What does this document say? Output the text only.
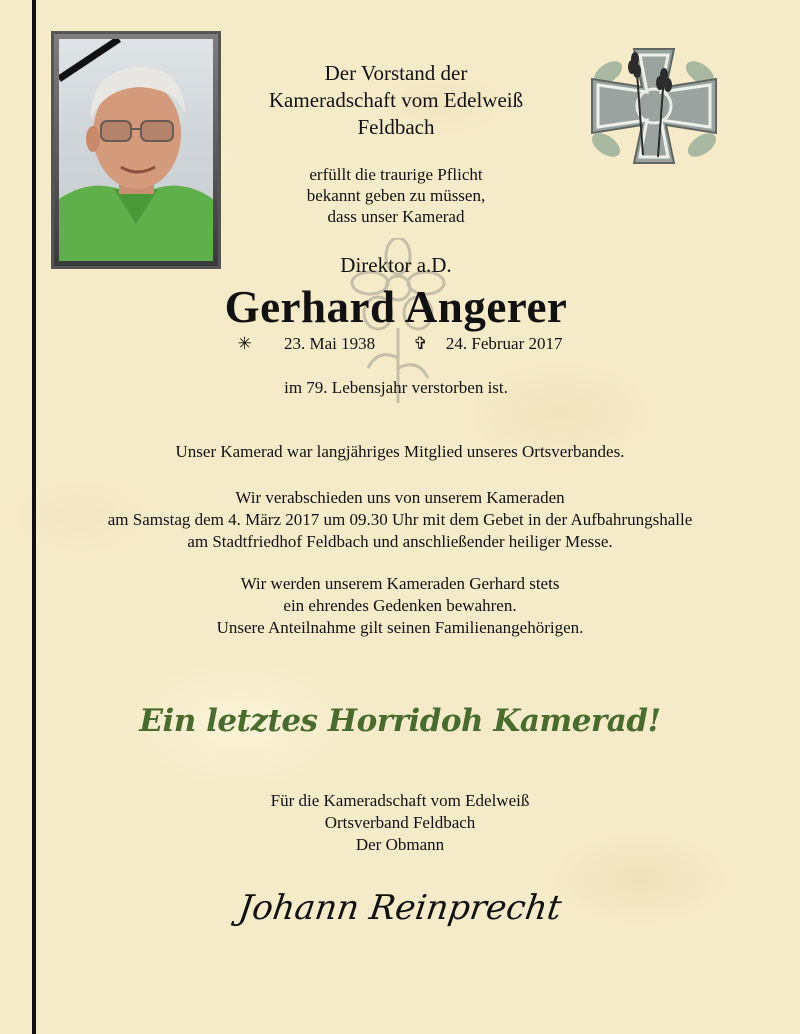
Der Vorstand der
Kameradschaft vom Edelweiß
Feldbach
erfüllt die traurige Pflicht
bekannt geben zu müssen,
dass unser Kamerad
Direktor a.D.
Gerhard Angerer
✳ 23. Mai 1938 ✞ 24. Februar 2017
im 79. Lebensjahr verstorben ist.
Unser Kamerad war langjähriges Mitglied unseres Ortsverbandes.
Wir verabschieden uns von unserem Kameraden
am Samstag dem 4. März 2017 um 09.30 Uhr mit dem Gebet in der Aufbahrungshalle
am Stadtfriedhof Feldbach und anschließender heiliger Messe.
Wir werden unserem Kameraden Gerhard stets
ein ehrendes Gedenken bewahren.
Unsere Anteilnahme gilt seinen Familienangehörigen.
Ein letztes Horridoh Kamerad!
Für die Kameradschaft vom Edelweiß
Ortsverband Feldbach
Der Obmann
Johann Reinprecht
